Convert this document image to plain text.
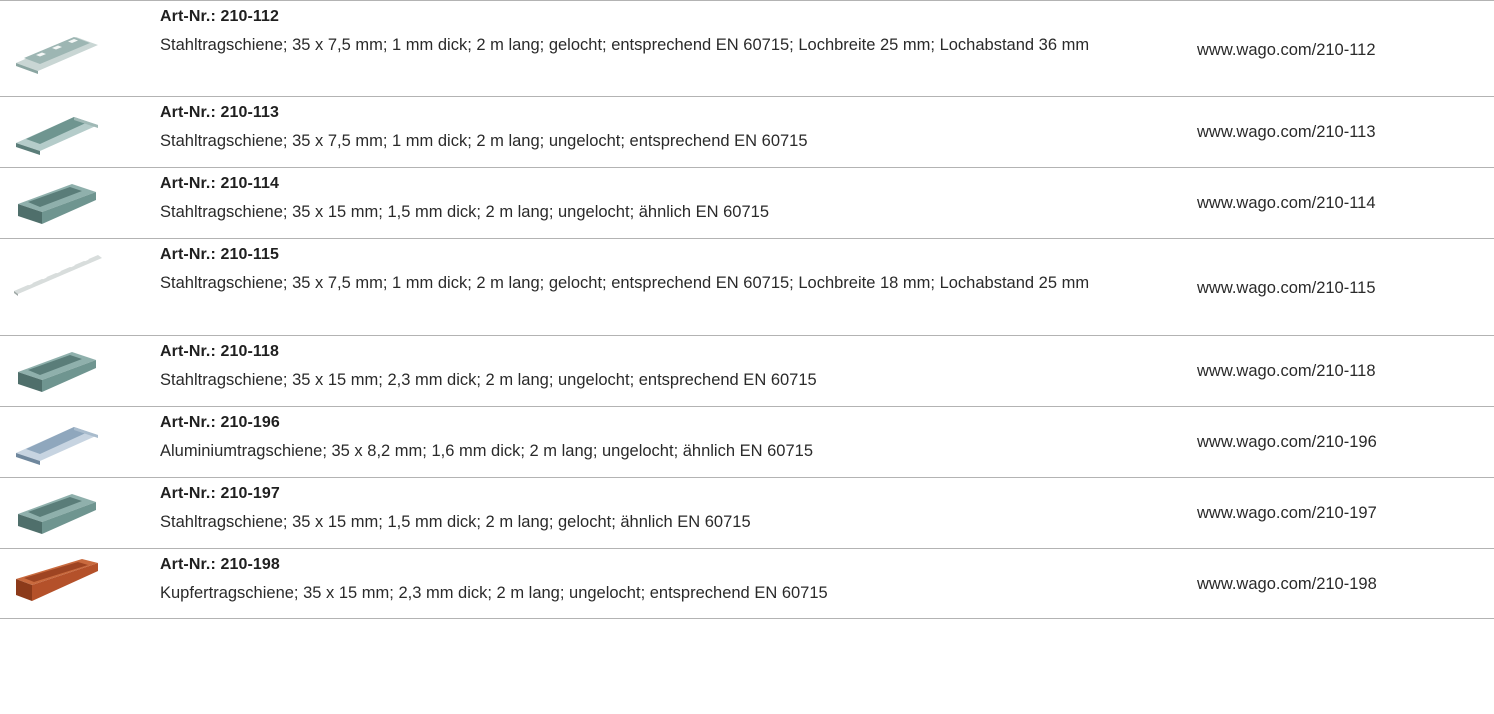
Art-Nr.: 210-112
Stahltragschiene; 35 x 7,5 mm; 1 mm dick; 2 m lang; gelocht; entsprechend EN 60715; Lochbreite 25 mm; Lochabstand 36 mm	www.wago.com/210-112
Art-Nr.: 210-113
Stahltragschiene; 35 x 7,5 mm; 1 mm dick; 2 m lang; ungelocht; entsprechend EN 60715	www.wago.com/210-113
Art-Nr.: 210-114
Stahltragschiene; 35 x 15 mm; 1,5 mm dick; 2 m lang; ungelocht; ähnlich EN 60715	www.wago.com/210-114
Art-Nr.: 210-115
Stahltragschiene; 35 x 7,5 mm; 1 mm dick; 2 m lang; gelocht; entsprechend EN 60715; Lochbreite 18 mm; Lochabstand 25 mm	www.wago.com/210-115
Art-Nr.: 210-118
Stahltragschiene; 35 x 15 mm; 2,3 mm dick; 2 m lang; ungelocht; entsprechend EN 60715	www.wago.com/210-118
Art-Nr.: 210-196
Aluminiumtragschiene; 35 x 8,2 mm; 1,6 mm dick; 2 m lang; ungelocht; ähnlich EN 60715	www.wago.com/210-196
Art-Nr.: 210-197
Stahltragschiene; 35 x 15 mm; 1,5 mm dick; 2 m lang; gelocht; ähnlich EN 60715	www.wago.com/210-197
Art-Nr.: 210-198
Kupfertragschiene; 35 x 15 mm; 2,3 mm dick; 2 m lang; ungelocht; entsprechend EN 60715	www.wago.com/210-198
